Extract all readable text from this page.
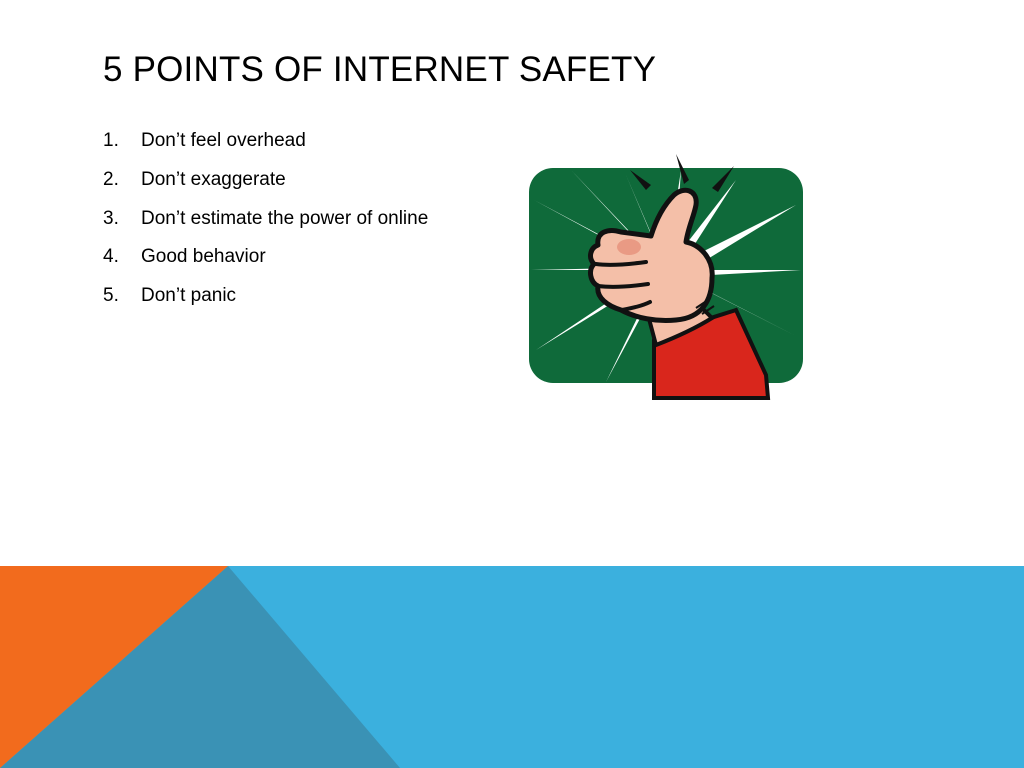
5 POINTS OF INTERNET SAFETY
1.	Don’t feel overhead
2.	Don’t exaggerate
3.	Don’t estimate the power of online
4.	Good behavior
5.	Don’t panic
